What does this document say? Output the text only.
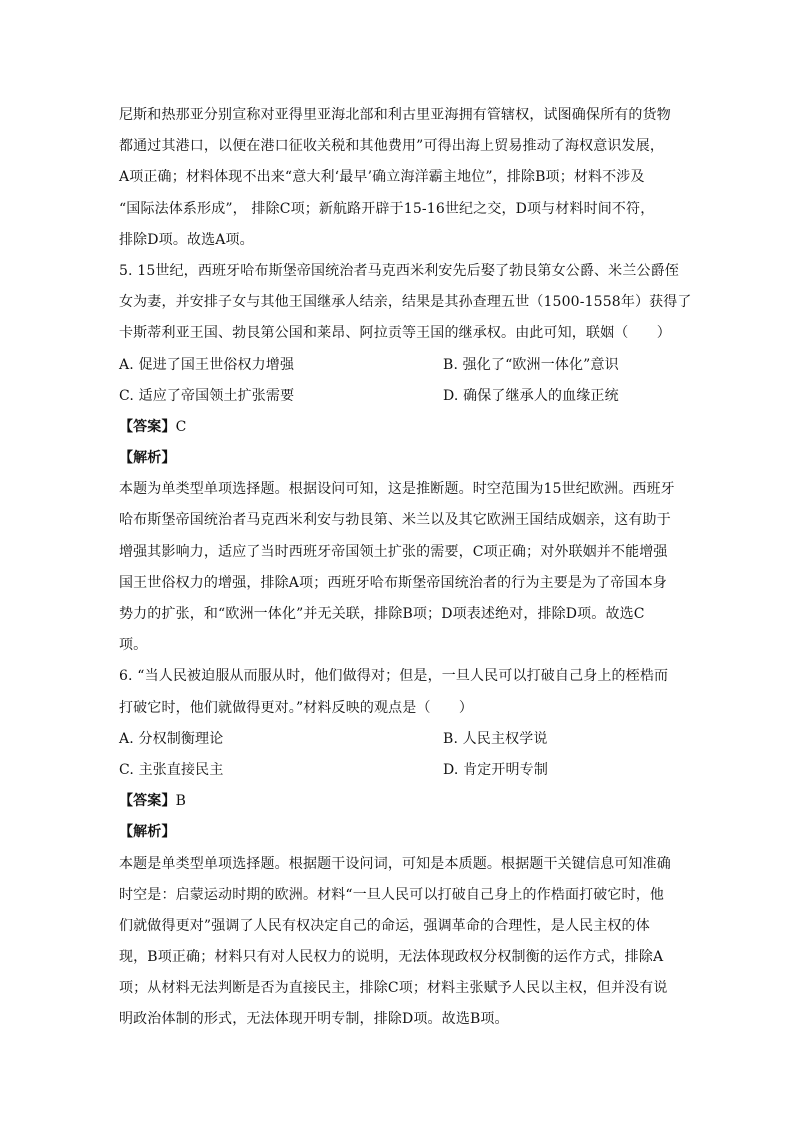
尼斯和热那亚分别宣称对亚得里亚海北部和利古里亚海拥有管辖权，试图确保所有的货物
都通过其港口，以便在港口征收关税和其他费用”可得出海上贸易推动了海权意识发展，
A项正确；材料体现不出来“意大利‘最早’确立海洋霸主地位”，排除B项；材料不涉及
“国际法体系形成”， 排除C项；新航路开辟于15-16世纪之交，D项与材料时间不符，
排除D项。故选A项。
5. 15世纪，西班牙哈布斯堡帝国统治者马克西米利安先后娶了勃艮第女公爵、米兰公爵侄
女为妻，并安排子女与其他王国继承人结亲，结果是其孙查理五世（1500-1558年）获得了
卡斯蒂利亚王国、勃艮第公国和莱昂、阿拉贡等王国的继承权。由此可知，联姻（　　）
A. 促进了国王世俗权力增强	B. 强化了“欧洲一体化”意识
C. 适应了帝国领土扩张需要	D. 确保了继承人的血缘正统
【答案】C
【解析】
本题为单类型单项选择题。根据设问可知，这是推断题。时空范围为15世纪欧洲。西班牙
哈布斯堡帝国统治者马克西米利安与勃艮第、米兰以及其它欧洲王国结成姻亲，这有助于
增强其影响力，适应了当时西班牙帝国领土扩张的需要，C项正确；对外联姻并不能增强
国王世俗权力的增强，排除A项；西班牙哈布斯堡帝国统治者的行为主要是为了帝国本身
势力的扩张，和“欧洲一体化”并无关联，排除B项；D项表述绝对，排除D项。故选C
项。
6. “当人民被迫服从而服从时，他们做得对；但是，一旦人民可以打破自己身上的桎梏而
打破它时，他们就做得更对。”材料反映的观点是（　　）
A. 分权制衡理论	B. 人民主权学说
C. 主张直接民主	D. 肯定开明专制
【答案】B
【解析】
本题是单类型单项选择题。根据题干设问词，可知是本质题。根据题干关键信息可知准确
时空是：启蒙运动时期的欧洲。材料“一旦人民可以打破自己身上的作梏面打破它时，他
们就做得更对”强调了人民有权决定自己的命运，强调革命的合理性，是人民主权的体
现，B项正确；材料只有对人民权力的说明，无法体现政权分权制衡的运作方式，排除A
项；从材料无法判断是否为直接民主，排除C项；材料主张赋予人民以主权，但并没有说
明政治体制的形式，无法体现开明专制，排除D项。故选B项。
